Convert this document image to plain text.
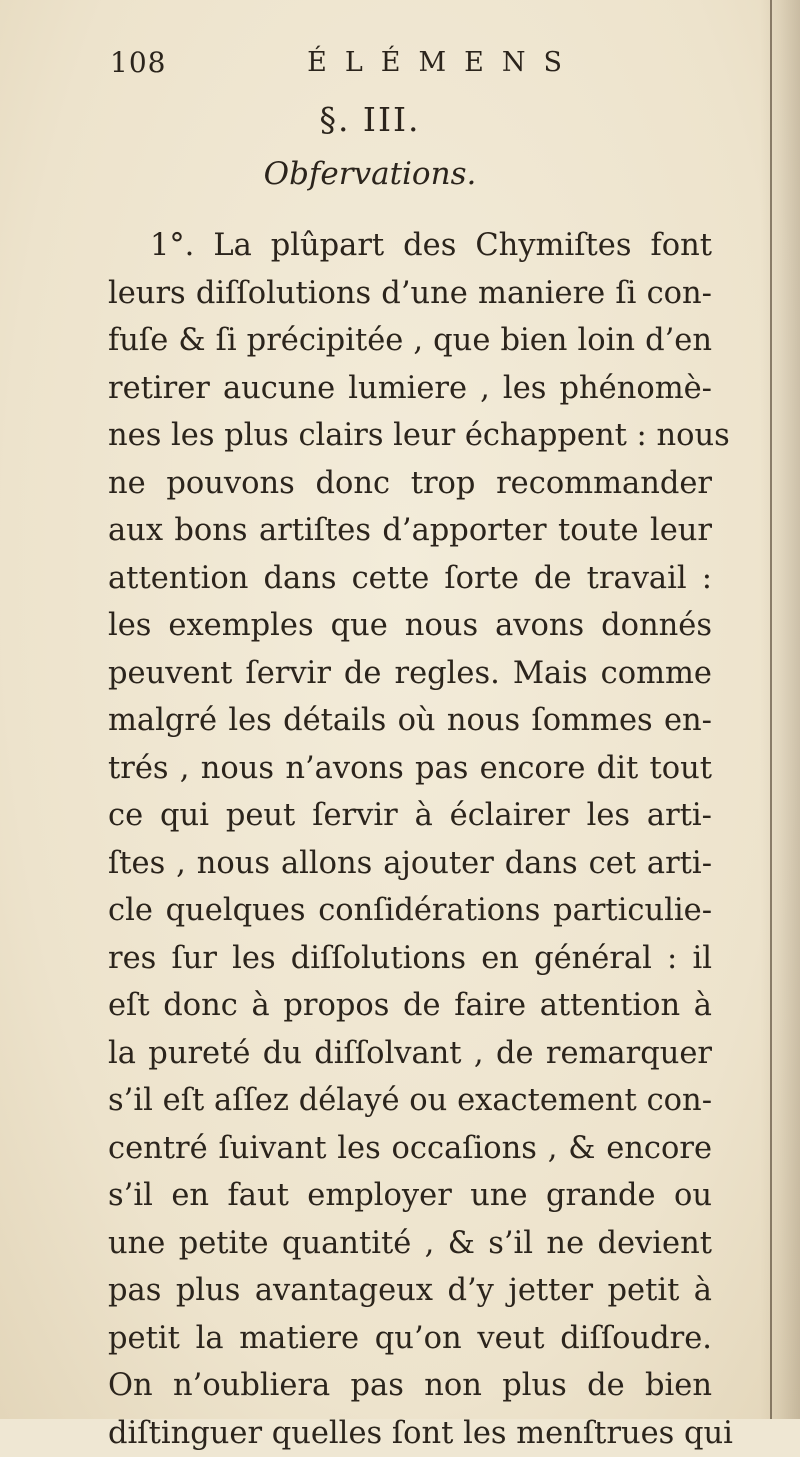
108	ÉLÉMENS
§. III.
Obfervations.
1°. La plûpart des Chymiſtes font
leurs diſſolutions d’une maniere ſi con-
fuſe & ſi précipitée , que bien loin d’en
retirer aucune lumiere , les phénomè-
nes les plus clairs leur échappent : nous
ne pouvons donc trop recommander
aux bons artiſtes d’apporter toute leur
attention dans cette ſorte de travail :
les exemples que nous avons donnés
peuvent ſervir de regles. Mais comme
malgré les détails où nous ſommes en-
trés , nous n’avons pas encore dit tout
ce qui peut ſervir à éclairer les arti-
ſtes , nous allons ajouter dans cet arti-
cle quelques conſidérations particulie-
res ſur les diſſolutions en général : il
eſt donc à propos de faire attention à
la pureté du diſſolvant , de remarquer
s’il eſt aſſez délayé ou exactement con-
centré ſuivant les occaſions , & encore
s’il en faut employer une grande ou
une petite quantité , & s’il ne devient
pas plus avantageux d’y jetter petit à
petit la matiere qu’on veut diſſoudre.
On n’oubliera pas non plus de bien
diſtinguer quelles ſont les menſtrues qui
